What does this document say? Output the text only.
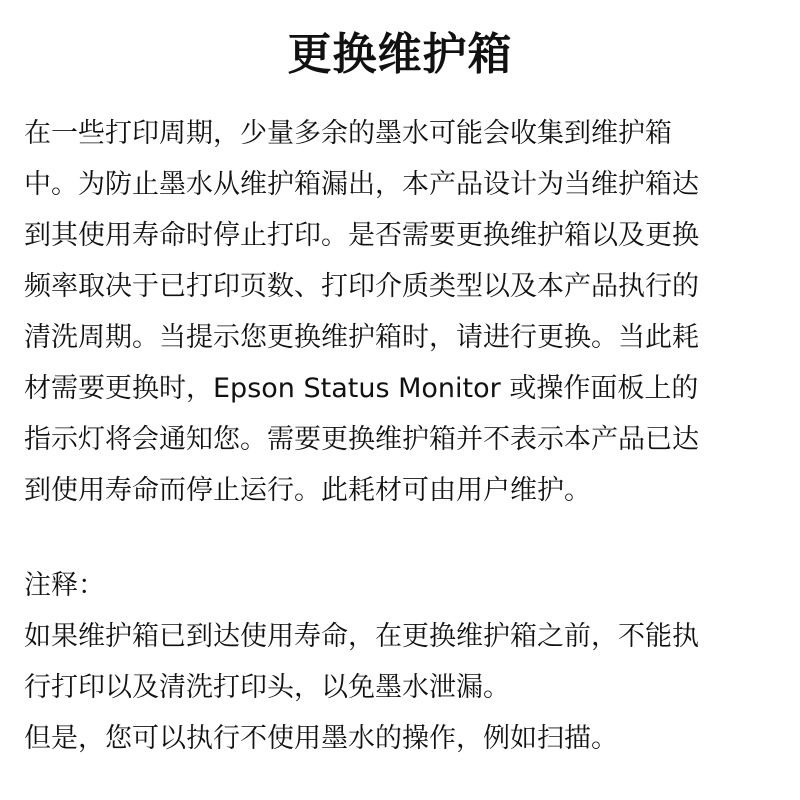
更换维护箱
在一些打印周期，少量多余的墨水可能会收集到维护箱
中。为防止墨水从维护箱漏出，本产品设计为当维护箱达
到其使用寿命时停止打印。是否需要更换维护箱以及更换
频率取决于已打印页数、打印介质类型以及本产品执行的
清洗周期。当提示您更换维护箱时，请进行更换。当此耗
材需要更换时，Epson Status Monitor 或操作面板上的
指示灯将会通知您。需要更换维护箱并不表示本产品已达
到使用寿命而停止运行。此耗材可由用户维护。
注释：
如果维护箱已到达使用寿命，在更换维护箱之前，不能执
行打印以及清洗打印头，以免墨水泄漏。
但是，您可以执行不使用墨水的操作，例如扫描。
